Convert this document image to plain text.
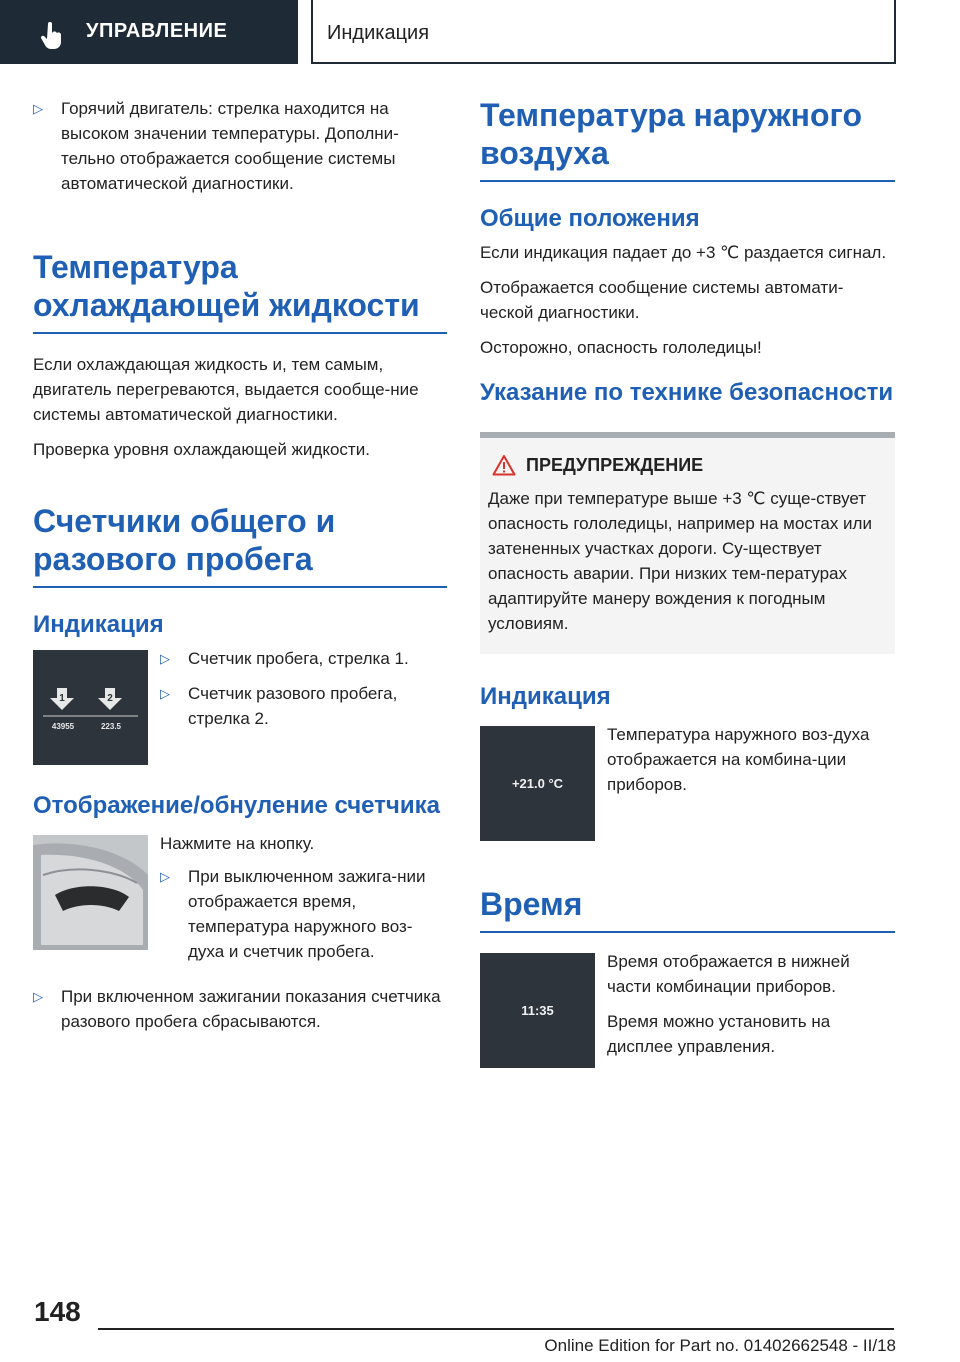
УПРАВЛЕНИЕ	Индикация
▷ Горячий двигатель: стрелка находится на высоком значении температуры. Дополни-тельно отображается сообщение системы автоматической диагностики.
Температура охлаждающей жидкости
Если охлаждающая жидкость и, тем самым, двигатель перегреваются, выдается сообще-ние системы автоматической диагностики.
Проверка уровня охлаждающей жидкости.
Счетчики общего и разового пробега
Индикация
1	2
43955	223.5
▷ Счетчик пробега, стрелка 1.
▷ Счетчик разового пробега, стрелка 2.
Отображение/обнуление счетчика
Нажмите на кнопку.
▷ При выключенном зажига-нии отображается время, температура наружного воз-духа и счетчик пробега.
▷ При включенном зажигании показания счетчика разового пробега сбрасываются.
Температура наружного воздуха
Общие положения
Если индикация падает до +3 ℃ раздается сигнал.
Отображается сообщение системы автомати-ческой диагностики.
Осторожно, опасность гололедицы!
Указание по технике безопасности
ПРЕДУПРЕЖДЕНИЕ
Даже при температуре выше +3 ℃ суще-ствует опасность гололедицы, например на мостах или затененных участках дороги. Су-ществует опасность аварии. При низких тем-пературах адаптируйте манеру вождения к погодным условиям.
Индикация
+21.0 °C
Температура наружного воз-духа отображается на комбина-ции приборов.
Время
11:35
Время отображается в нижней части комбинации приборов.
Время можно установить на дисплее управления.
148
Online Edition for Part no. 01402662548 - II/18
